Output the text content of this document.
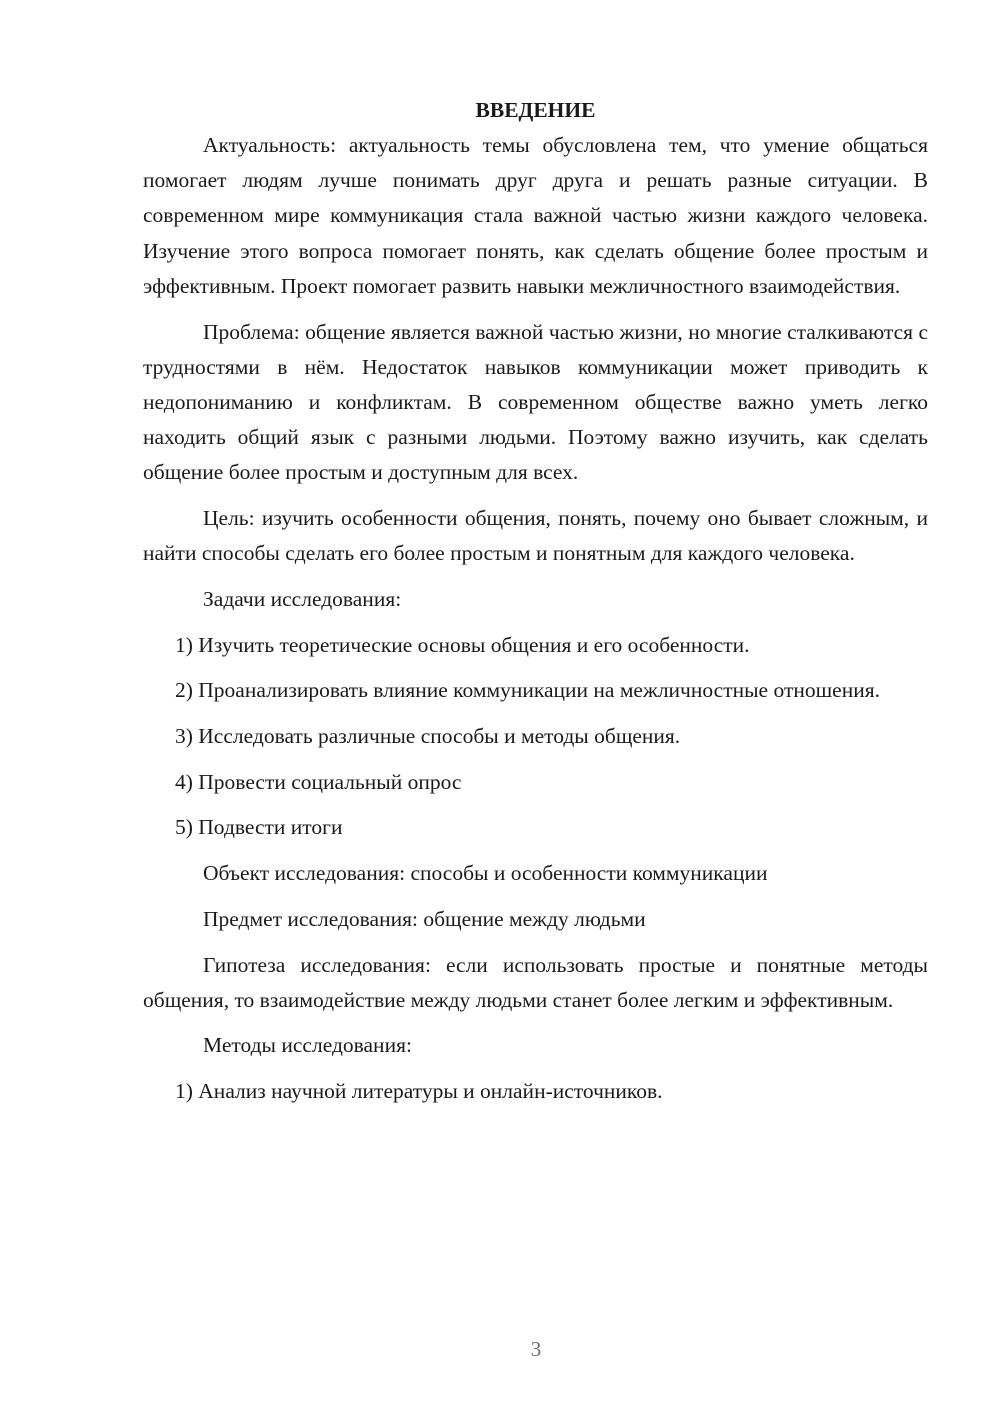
ВВЕДЕНИЕ

Актуальность: актуальность темы обусловлена тем, что умение общаться помогает людям лучше понимать друг друга и решать разные ситуации. В современном мире коммуникация стала важной частью жизни каждого человека. Изучение этого вопроса помогает понять, как сделать общение более простым и эффективным. Проект помогает развить навыки межличностного взаимодействия.

Проблема: общение является важной частью жизни, но многие сталкиваются с трудностями в нём. Недостаток навыков коммуникации может приводить к недопониманию и конфликтам. В современном обществе важно уметь легко находить общий язык с разными людьми. Поэтому важно изучить, как сделать общение более простым и доступным для всех.

Цель: изучить особенности общения, понять, почему оно бывает сложным, и найти способы сделать его более простым и понятным для каждого человека.

Задачи исследования:

1) Изучить теоретические основы общения и его особенности.

2) Проанализировать влияние коммуникации на межличностные отношения.

3) Исследовать различные способы и методы общения.

4) Провести социальный опрос

5) Подвести итоги

Объект исследования: способы и особенности коммуникации

Предмет исследования: общение между людьми

Гипотеза исследования: если использовать простые и понятные методы общения, то взаимодействие между людьми станет более легким и эффективным.

Методы исследования:

1) Анализ научной литературы и онлайн-источников.

3
